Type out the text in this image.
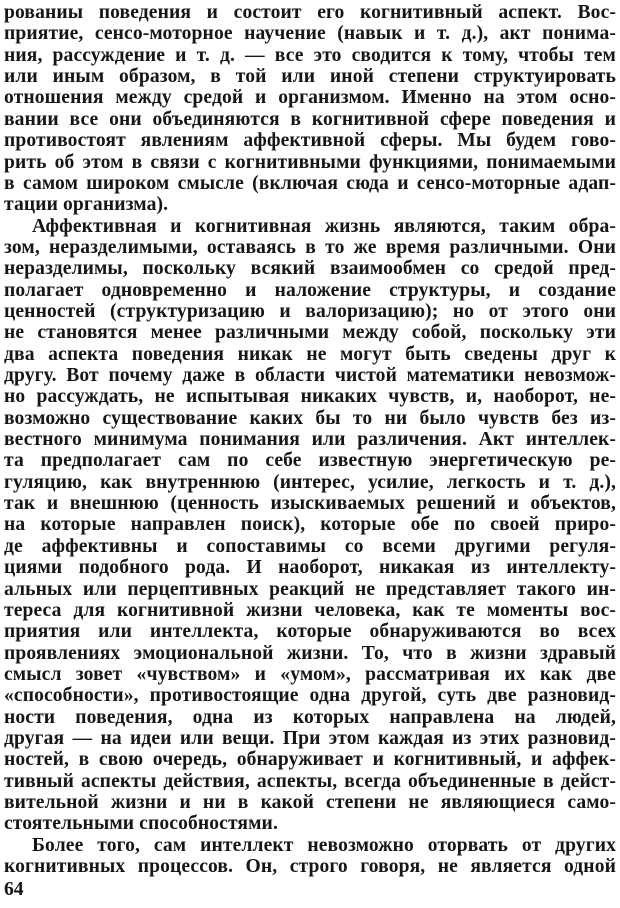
рованиы поведения и состоит его когнитивный аспект. Вос-
приятие, сенсо-моторное научение (навык и т. д.), акт понима-
ния, рассуждение и т. д. — все это сводится к тому, чтобы тем
или иным образом, в той или иной степени структуировать
отношения между средой и организмом. Именно на этом осно-
вании все они объединяются в когнитивной сфере поведения и
противостоят явлениям аффективной сферы. Мы будем гово-
рить об этом в связи с когнитивными функциями, понимаемыми
в самом широком смысле (включая сюда и сенсо-моторные адап-
тации организма).
Аффективная и когнитивная жизнь являются, таким обра-
зом, неразделимыми, оставаясь в то же время различными. Они
неразделимы, поскольку всякий взаимообмен со средой пред-
полагает одновременно и наложение структуры, и создание
ценностей (структуризацию и валоризацию); но от этого они
не становятся менее различными между собой, поскольку эти
два аспекта поведения никак не могут быть сведены друг к
другу. Вот почему даже в области чистой математики невозмож-
но рассуждать, не испытывая никаких чувств, и, наоборот, не-
возможно существование каких бы то ни было чувств без из-
вестного минимума понимания или различения. Акт интеллек-
та предполагает сам по себе известную энергетическую ре-
гуляцию, как внутреннюю (интерес, усилие, легкость и т. д.),
так и внешнюю (ценность изыскиваемых решений и объектов,
на которые направлен поиск), которые обе по своей приро-
де аффективны и сопоставимы со всеми другими регуля-
циями подобного рода. И наоборот, никакая из интеллекту-
альных или перцептивных реакций не представляет такого ин-
тереса для когнитивной жизни человека, как те моменты вос-
приятия или интеллекта, которые обнаруживаются во всех
проявлениях эмоциональной жизни. То, что в жизни здравый
смысл зовет «чувством» и «умом», рассматривая их как две
«способности», противостоящие одна другой, суть две разновид-
ности поведения, одна из которых направлена на людей,
другая — на идеи или вещи. При этом каждая из этих разновид-
ностей, в свою очередь, обнаруживает и когнитивный, и аффек-
тивный аспекты действия, аспекты, всегда объединенные в дейст-
вительной жизни и ни в какой степени не являющиеся само-
стоятельными способностями.
Более того, сам интеллект невозможно оторвать от других
когнитивных процессов. Он, строго говоря, не является одной
64
